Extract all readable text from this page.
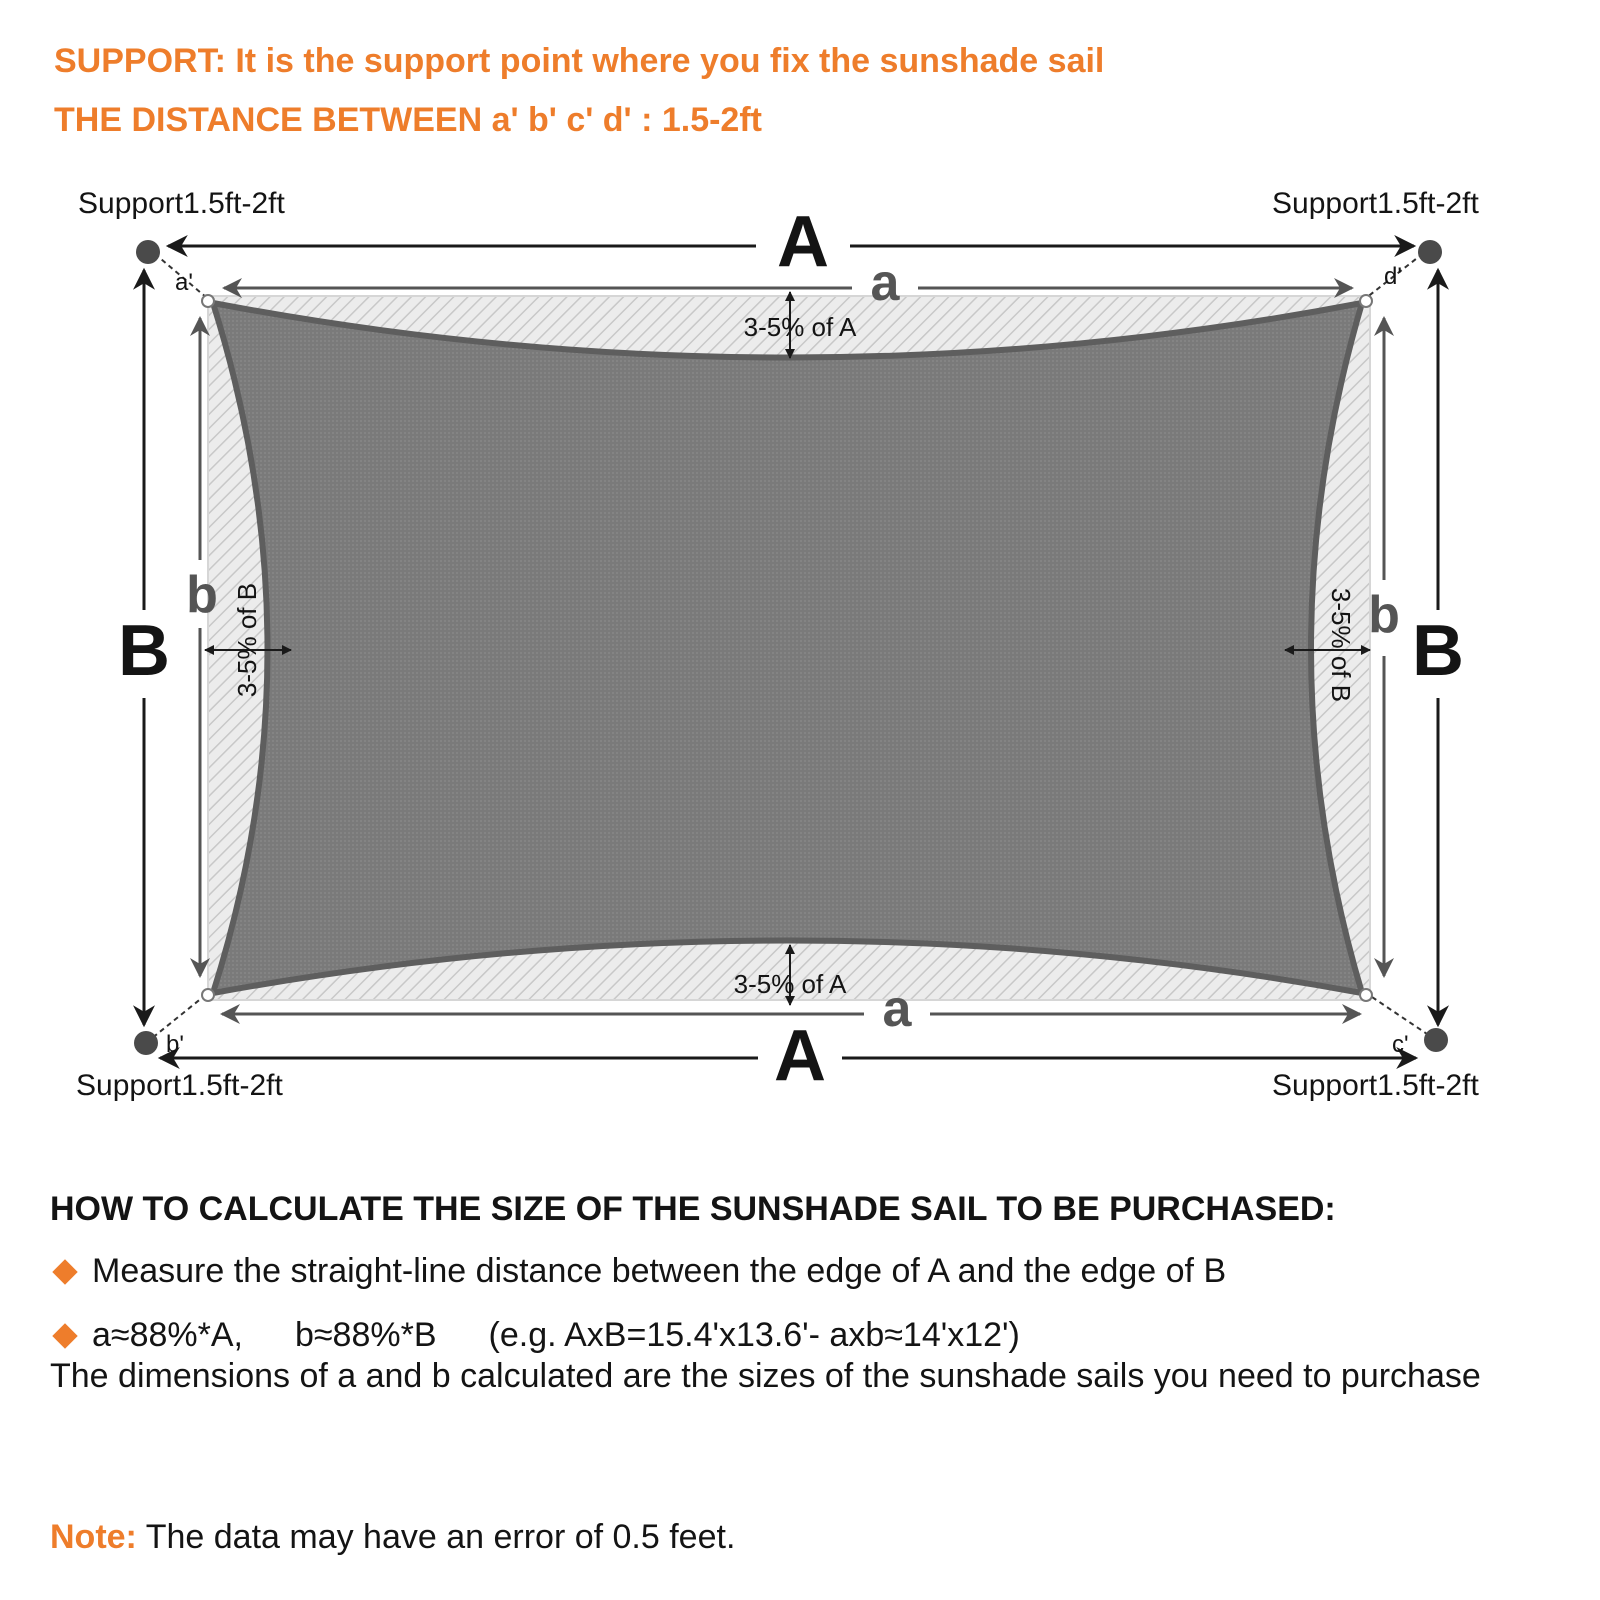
SUPPORT: It is the support point where you fix the sunshade sail
THE DISTANCE BETWEEN a' b' c' d' : 1.5-2ft
Support1.5ft-2ft	Support1.5ft-2ft
Support1.5ft-2ft	Support1.5ft-2ft
A
A
B	B
a
a
b	b
a'	d'
b'	c'
3-5% of A
3-5% of A
3-5% of B	3-5% of B
HOW TO CALCULATE THE SIZE OF THE SUNSHADE SAIL TO BE PURCHASED:
Measure the straight-line distance between the edge of A and the edge of B
a≈88%*A, b≈88%*B (e.g. AxB=15.4'x13.6'- axb≈14'x12')
The dimensions of a and b calculated are the sizes of the sunshade sails you need to purchase
Note: The data may have an error of 0.5 feet.
